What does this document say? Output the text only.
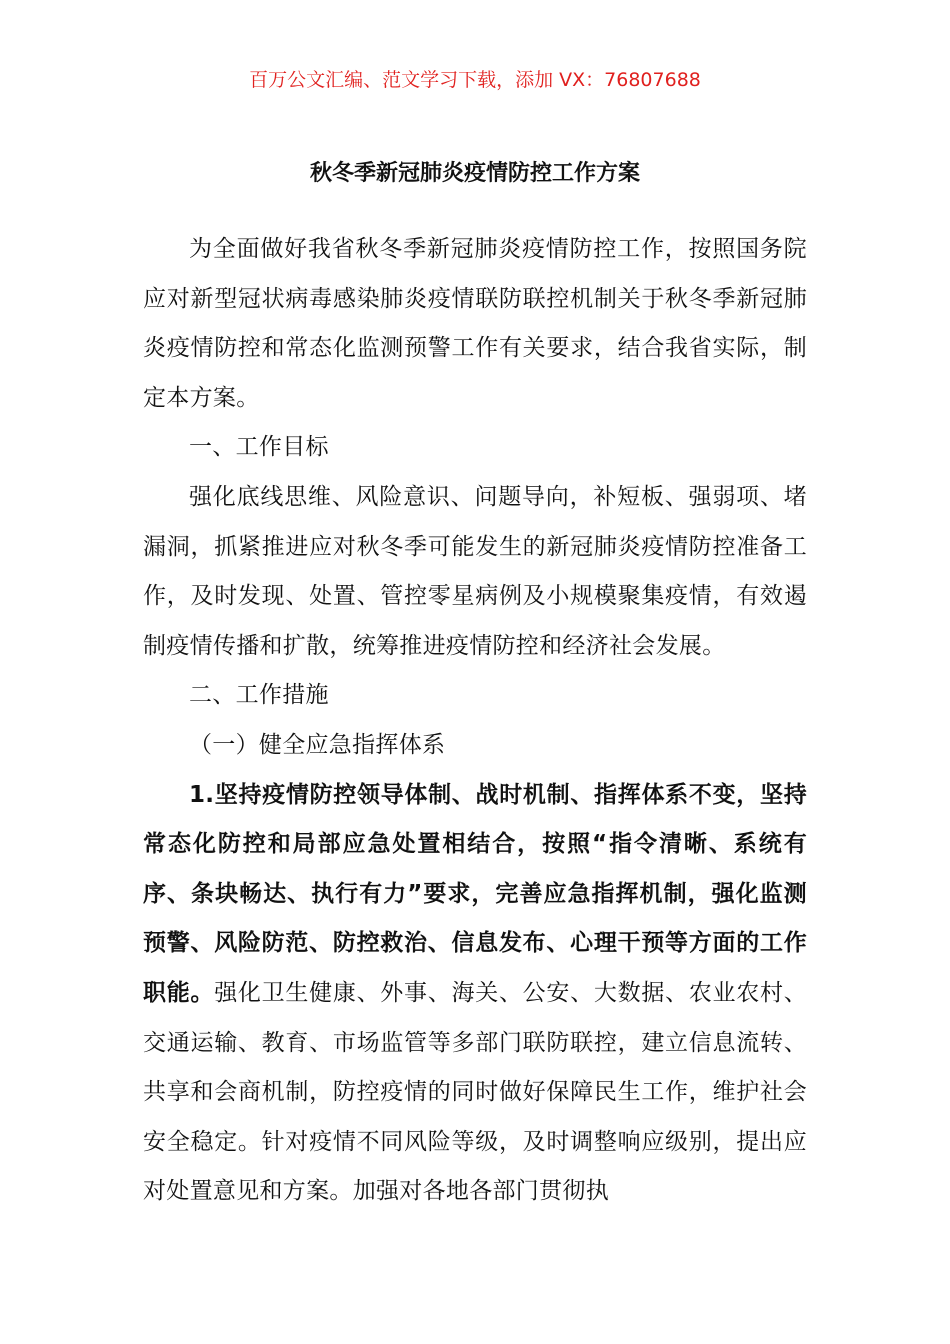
百万公文汇编、范文学习下载，添加 VX：76807688
秋冬季新冠肺炎疫情防控工作方案

为全面做好我省秋冬季新冠肺炎疫情防控工作，按照国务院应对新型冠状病毒感染肺炎疫情联防联控机制关于秋冬季新冠肺炎疫情防控和常态化监测预警工作有关要求，结合我省实际，制定本方案。

一、工作目标

强化底线思维、风险意识、问题导向，补短板、强弱项、堵漏洞，抓紧推进应对秋冬季可能发生的新冠肺炎疫情防控准备工作，及时发现、处置、管控零星病例及小规模聚集疫情，有效遏制疫情传播和扩散，统筹推进疫情防控和经济社会发展。

二、工作措施

（一）健全应急指挥体系

1.坚持疫情防控领导体制、战时机制、指挥体系不变，坚持常态化防控和局部应急处置相结合，按照“指令清晰、系统有序、条块畅达、执行有力”要求，完善应急指挥机制，强化监测预警、风险防范、防控救治、信息发布、心理干预等方面的工作职能。强化卫生健康、外事、海关、公安、大数据、农业农村、交通运输、教育、市场监管等多部门联防联控，建立信息流转、共享和会商机制，防控疫情的同时做好保障民生工作，维护社会安全稳定。针对疫情不同风险等级，及时调整响应级别，提出应对处置意见和方案。加强对各地各部门贯彻执
